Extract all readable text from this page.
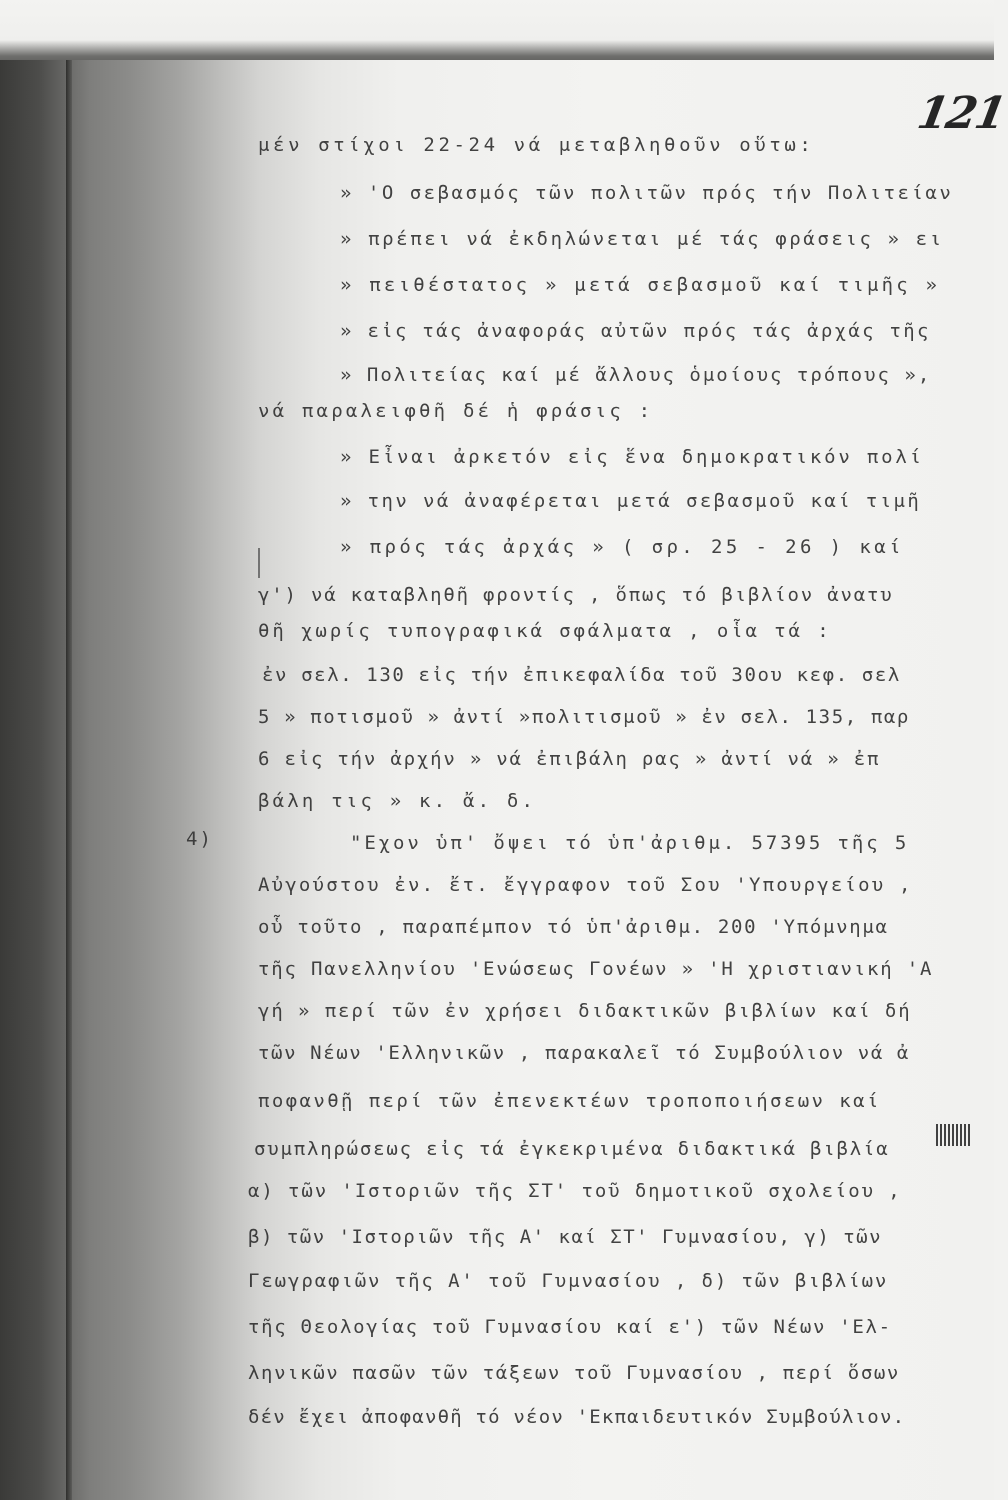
121
4)
μέν στίχοι 22-24 νά μεταβληθοῦν οὕτω:
» 'Ο σεβασμός τῶν πολιτῶν πρός τήν Πολιτείαν
» πρέπει νά ἐκδηλώνεται μέ τάς φράσεις » ει
» πειθέστατος » μετά σεβασμοῦ καί τιμῆς »
» εἰς τάς ἀναφοράς αὐτῶν πρός τάς ἀρχάς τῆς
» Πολιτείας καί μέ ἄλλους ὁμοίους τρόπους »,
νά παραλειφθῆ δέ ἡ φράσις :
» Εἶναι ἀρκετόν εἰς ἕνα δημοκρατικόν πολί
» την νά ἀναφέρεται μετά σεβασμοῦ καί τιμῆ
» πρός τάς ἀρχάς » ( σρ. 25 - 26 ) καί
γ') νά καταβληθῆ φροντίς , ὅπως τό βιβλίον ἀνατυ
θῆ χωρίς τυπογραφικά σφάλματα , οἷα τά :
ἐν σελ. 130 εἰς τήν ἐπικεφαλίδα τοῦ 30ου κεφ. σελ
5 » ποτισμοῦ » ἀντί »πολιτισμοῦ » ἐν σελ. 135, παρ
6 εἰς τήν ἀρχήν » νά ἐπιβάλη ρας » ἀντί νά » ἐπ
βάλη τις » κ. ἄ. δ.
"Εχον ὑπ' ὄψει τό ὑπ'ἀριθμ. 57395 τῆς 5
Αὐγούστου ἐν. ἔτ. ἔγγραφον τοῦ Σου 'Υπουργείου ,
οὗ τοῦτο , παραπέμπον τό ὑπ'ἀριθμ. 200 'Υπόμνημα
τῆς Πανελληνίου 'Ενώσεως Γονέων » 'Η χριστιανική 'Α
γή » περί τῶν ἐν χρήσει διδακτικῶν βιβλίων καί δή
τῶν Νέων 'Ελληνικῶν , παρακαλεῖ τό Συμβούλιον νά ἀ
ποφανθῇ περί τῶν ἐπενεκτέων τροποποιήσεων καί
συμπληρώσεως εἰς τά ἐγκεκριμένα διδακτικά βιβλία
α) τῶν 'Ιστοριῶν τῆς ΣΤ' τοῦ δημοτικοῦ σχολείου ,
β) τῶν 'Ιστοριῶν τῆς Α' καί ΣΤ' Γυμνασίου, γ) τῶν
Γεωγραφιῶν τῆς Α' τοῦ Γυμνασίου , δ) τῶν βιβλίων
τῆς Θεολογίας τοῦ Γυμνασίου καί ε') τῶν Νέων 'Ελ-
ληνικῶν πασῶν τῶν τάξεων τοῦ Γυμνασίου , περί ὅσων
δέν ἔχει ἀποφανθῆ τό νέον 'Εκπαιδευτικόν Συμβούλιον.
